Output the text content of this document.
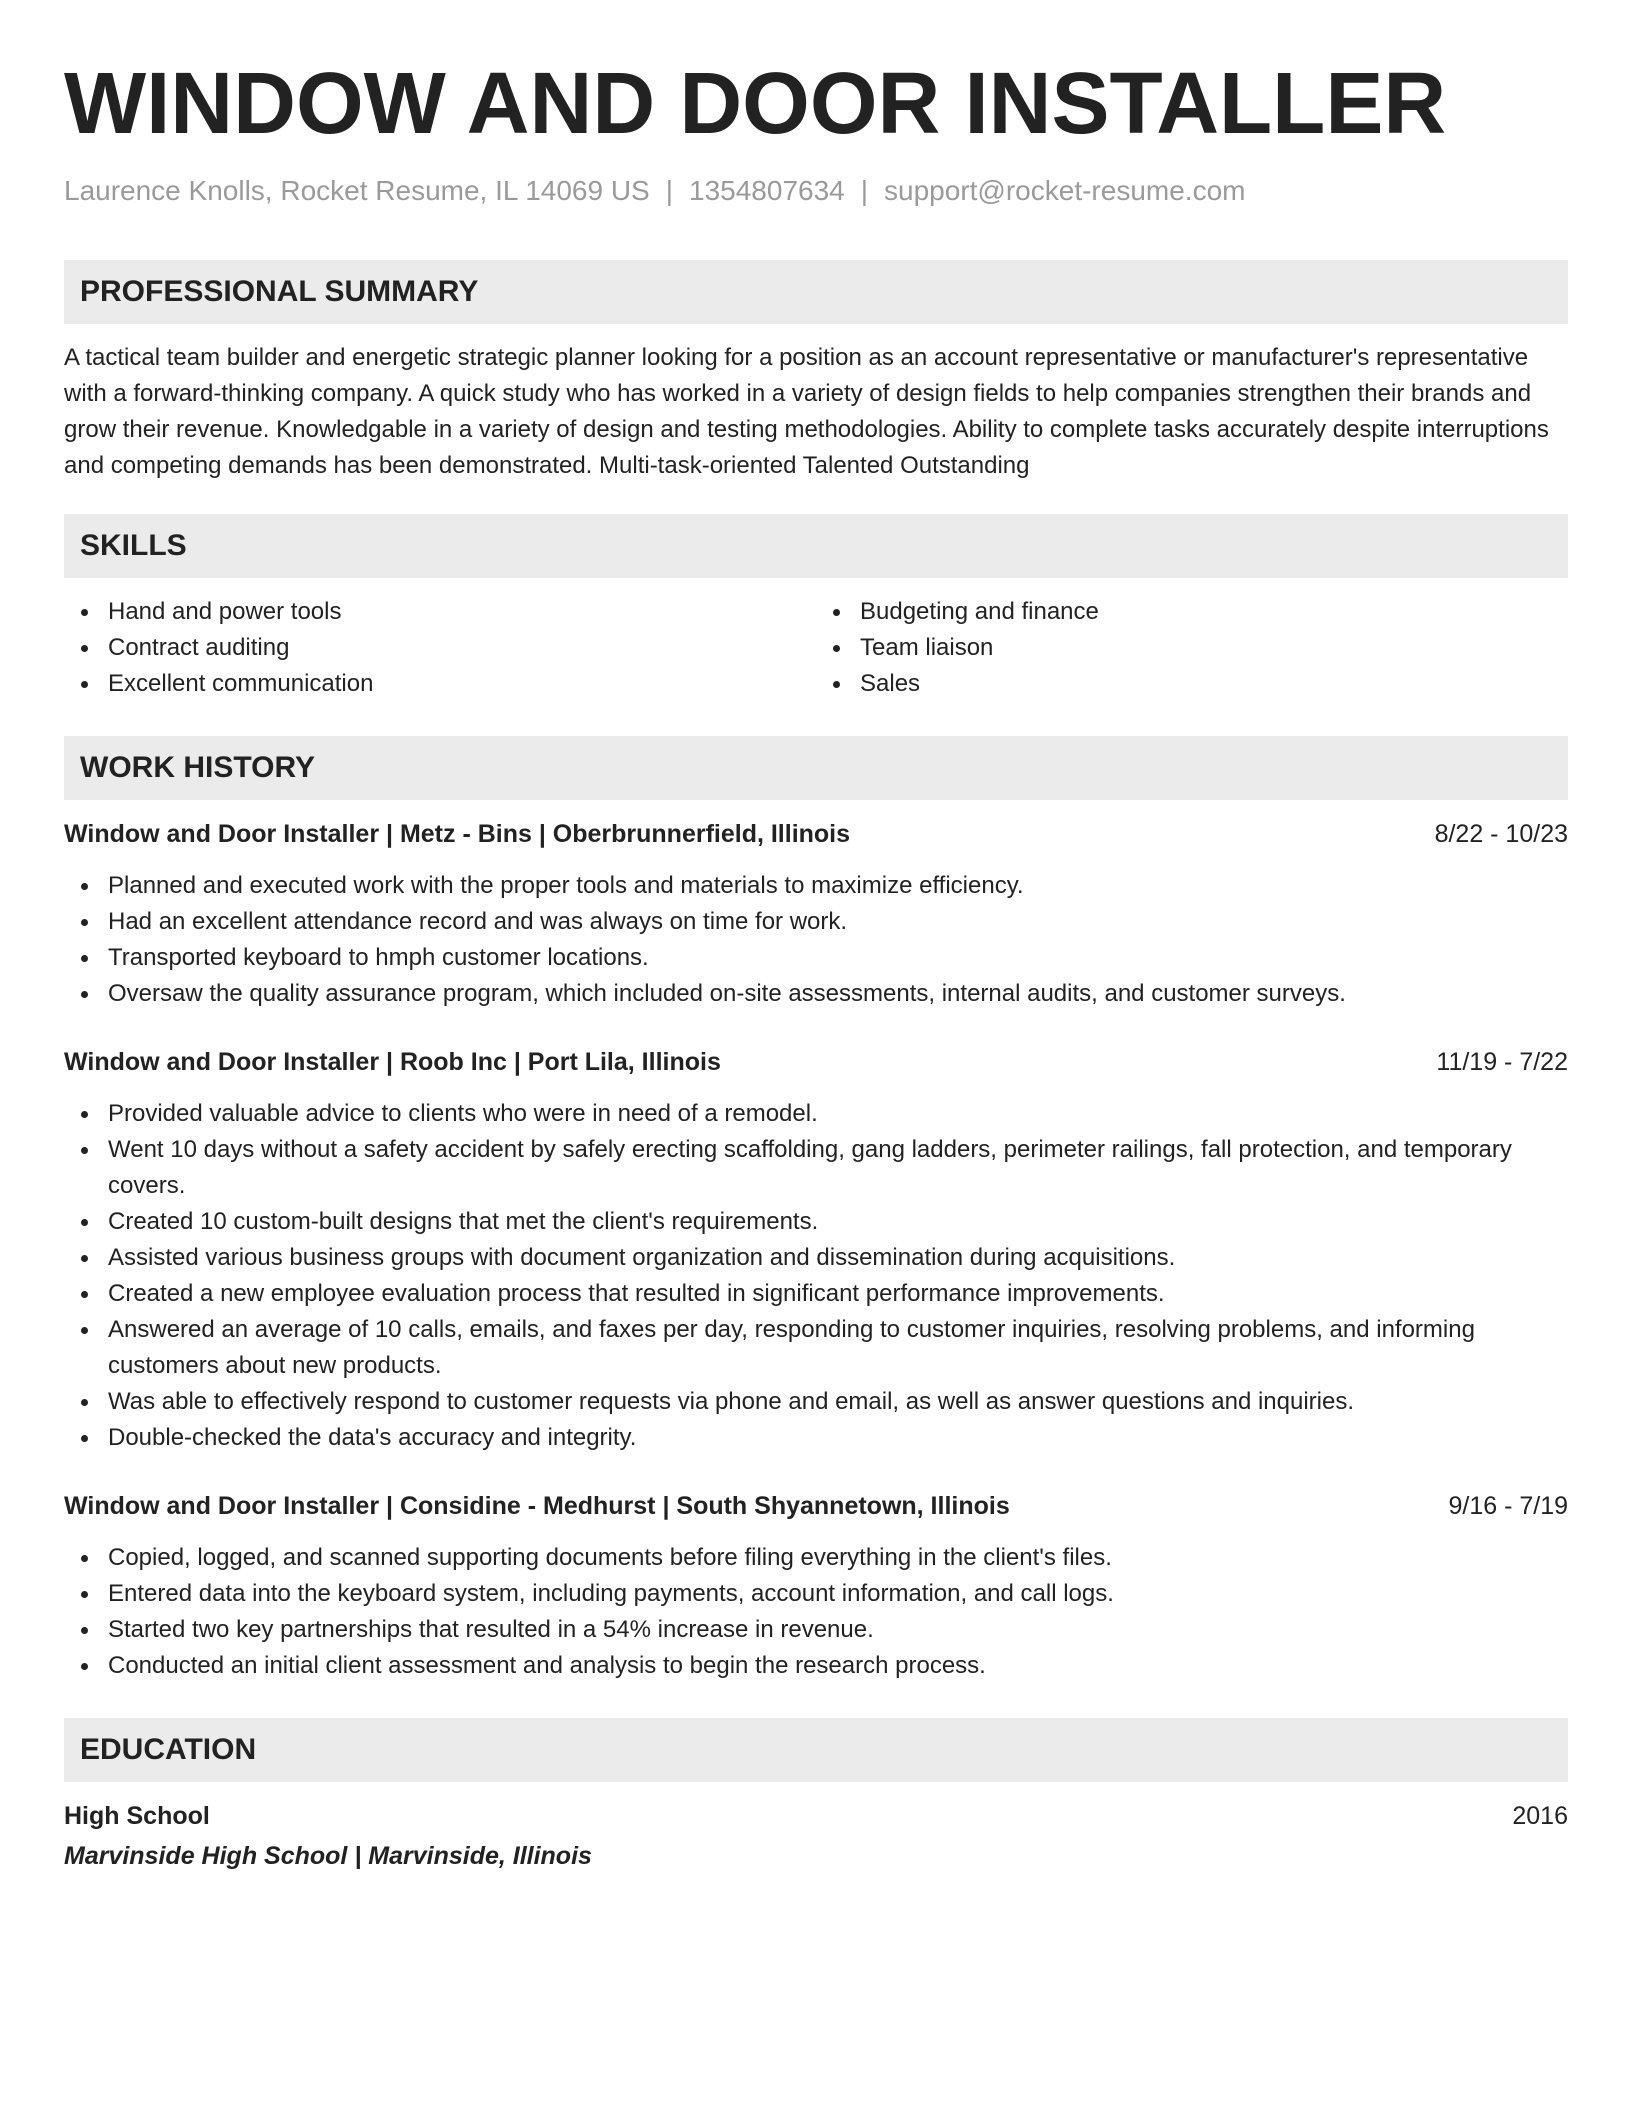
WINDOW AND DOOR INSTALLER
Laurence Knolls, Rocket Resume, IL 14069 US | 1354807634 | support@rocket-resume.com
PROFESSIONAL SUMMARY

A tactical team builder and energetic strategic planner looking for a position as an account representative or manufacturer's representative with a forward-thinking company. A quick study who has worked in a variety of design fields to help companies strengthen their brands and grow their revenue. Knowledgable in a variety of design and testing methodologies. Ability to complete tasks accurately despite interruptions and competing demands has been demonstrated. Multi-task-oriented Talented Outstanding

SKILLS
Hand and power tools
Contract auditing
Excellent communication
Budgeting and finance
Team liaison
Sales
WORK HISTORY
Window and Door Installer | Metz - Bins | Oberbrunnerfield, Illinois	8/22 - 10/23
Planned and executed work with the proper tools and materials to maximize efficiency.
Had an excellent attendance record and was always on time for work.
Transported keyboard to hmph customer locations.
Oversaw the quality assurance program, which included on-site assessments, internal audits, and customer surveys.
Window and Door Installer | Roob Inc | Port Lila, Illinois	11/19 - 7/22
Provided valuable advice to clients who were in need of a remodel.
Went 10 days without a safety accident by safely erecting scaffolding, gang ladders, perimeter railings, fall protection, and temporary covers.
Created 10 custom-built designs that met the client's requirements.
Assisted various business groups with document organization and dissemination during acquisitions.
Created a new employee evaluation process that resulted in significant performance improvements.
Answered an average of 10 calls, emails, and faxes per day, responding to customer inquiries, resolving problems, and informing customers about new products.
Was able to effectively respond to customer requests via phone and email, as well as answer questions and inquiries.
Double-checked the data's accuracy and integrity.
Window and Door Installer | Considine - Medhurst | South Shyannetown, Illinois	9/16 - 7/19
Copied, logged, and scanned supporting documents before filing everything in the client's files.
Entered data into the keyboard system, including payments, account information, and call logs.
Started two key partnerships that resulted in a 54% increase in revenue.
Conducted an initial client assessment and analysis to begin the research process.
EDUCATION
High School	2016
Marvinside High School | Marvinside, Illinois
